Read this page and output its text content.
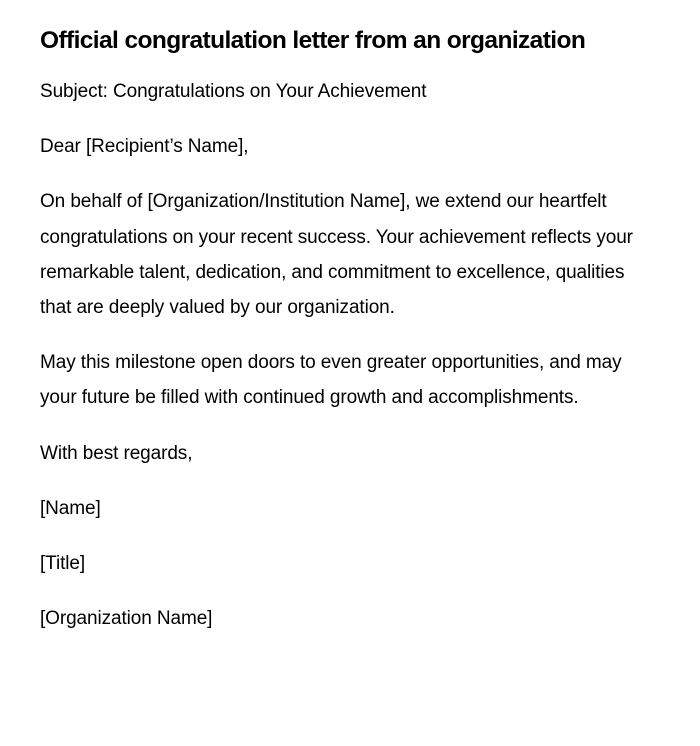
Official congratulation letter from an organization

Subject: Congratulations on Your Achievement

Dear [Recipient’s Name],

On behalf of [Organization/Institution Name], we extend our heartfelt congratulations on your recent success. Your achievement reflects your remarkable talent, dedication, and commitment to excellence, qualities that are deeply valued by our organization.

May this milestone open doors to even greater opportunities, and may your future be filled with continued growth and accomplishments.

With best regards,

[Name]

[Title]

[Organization Name]
